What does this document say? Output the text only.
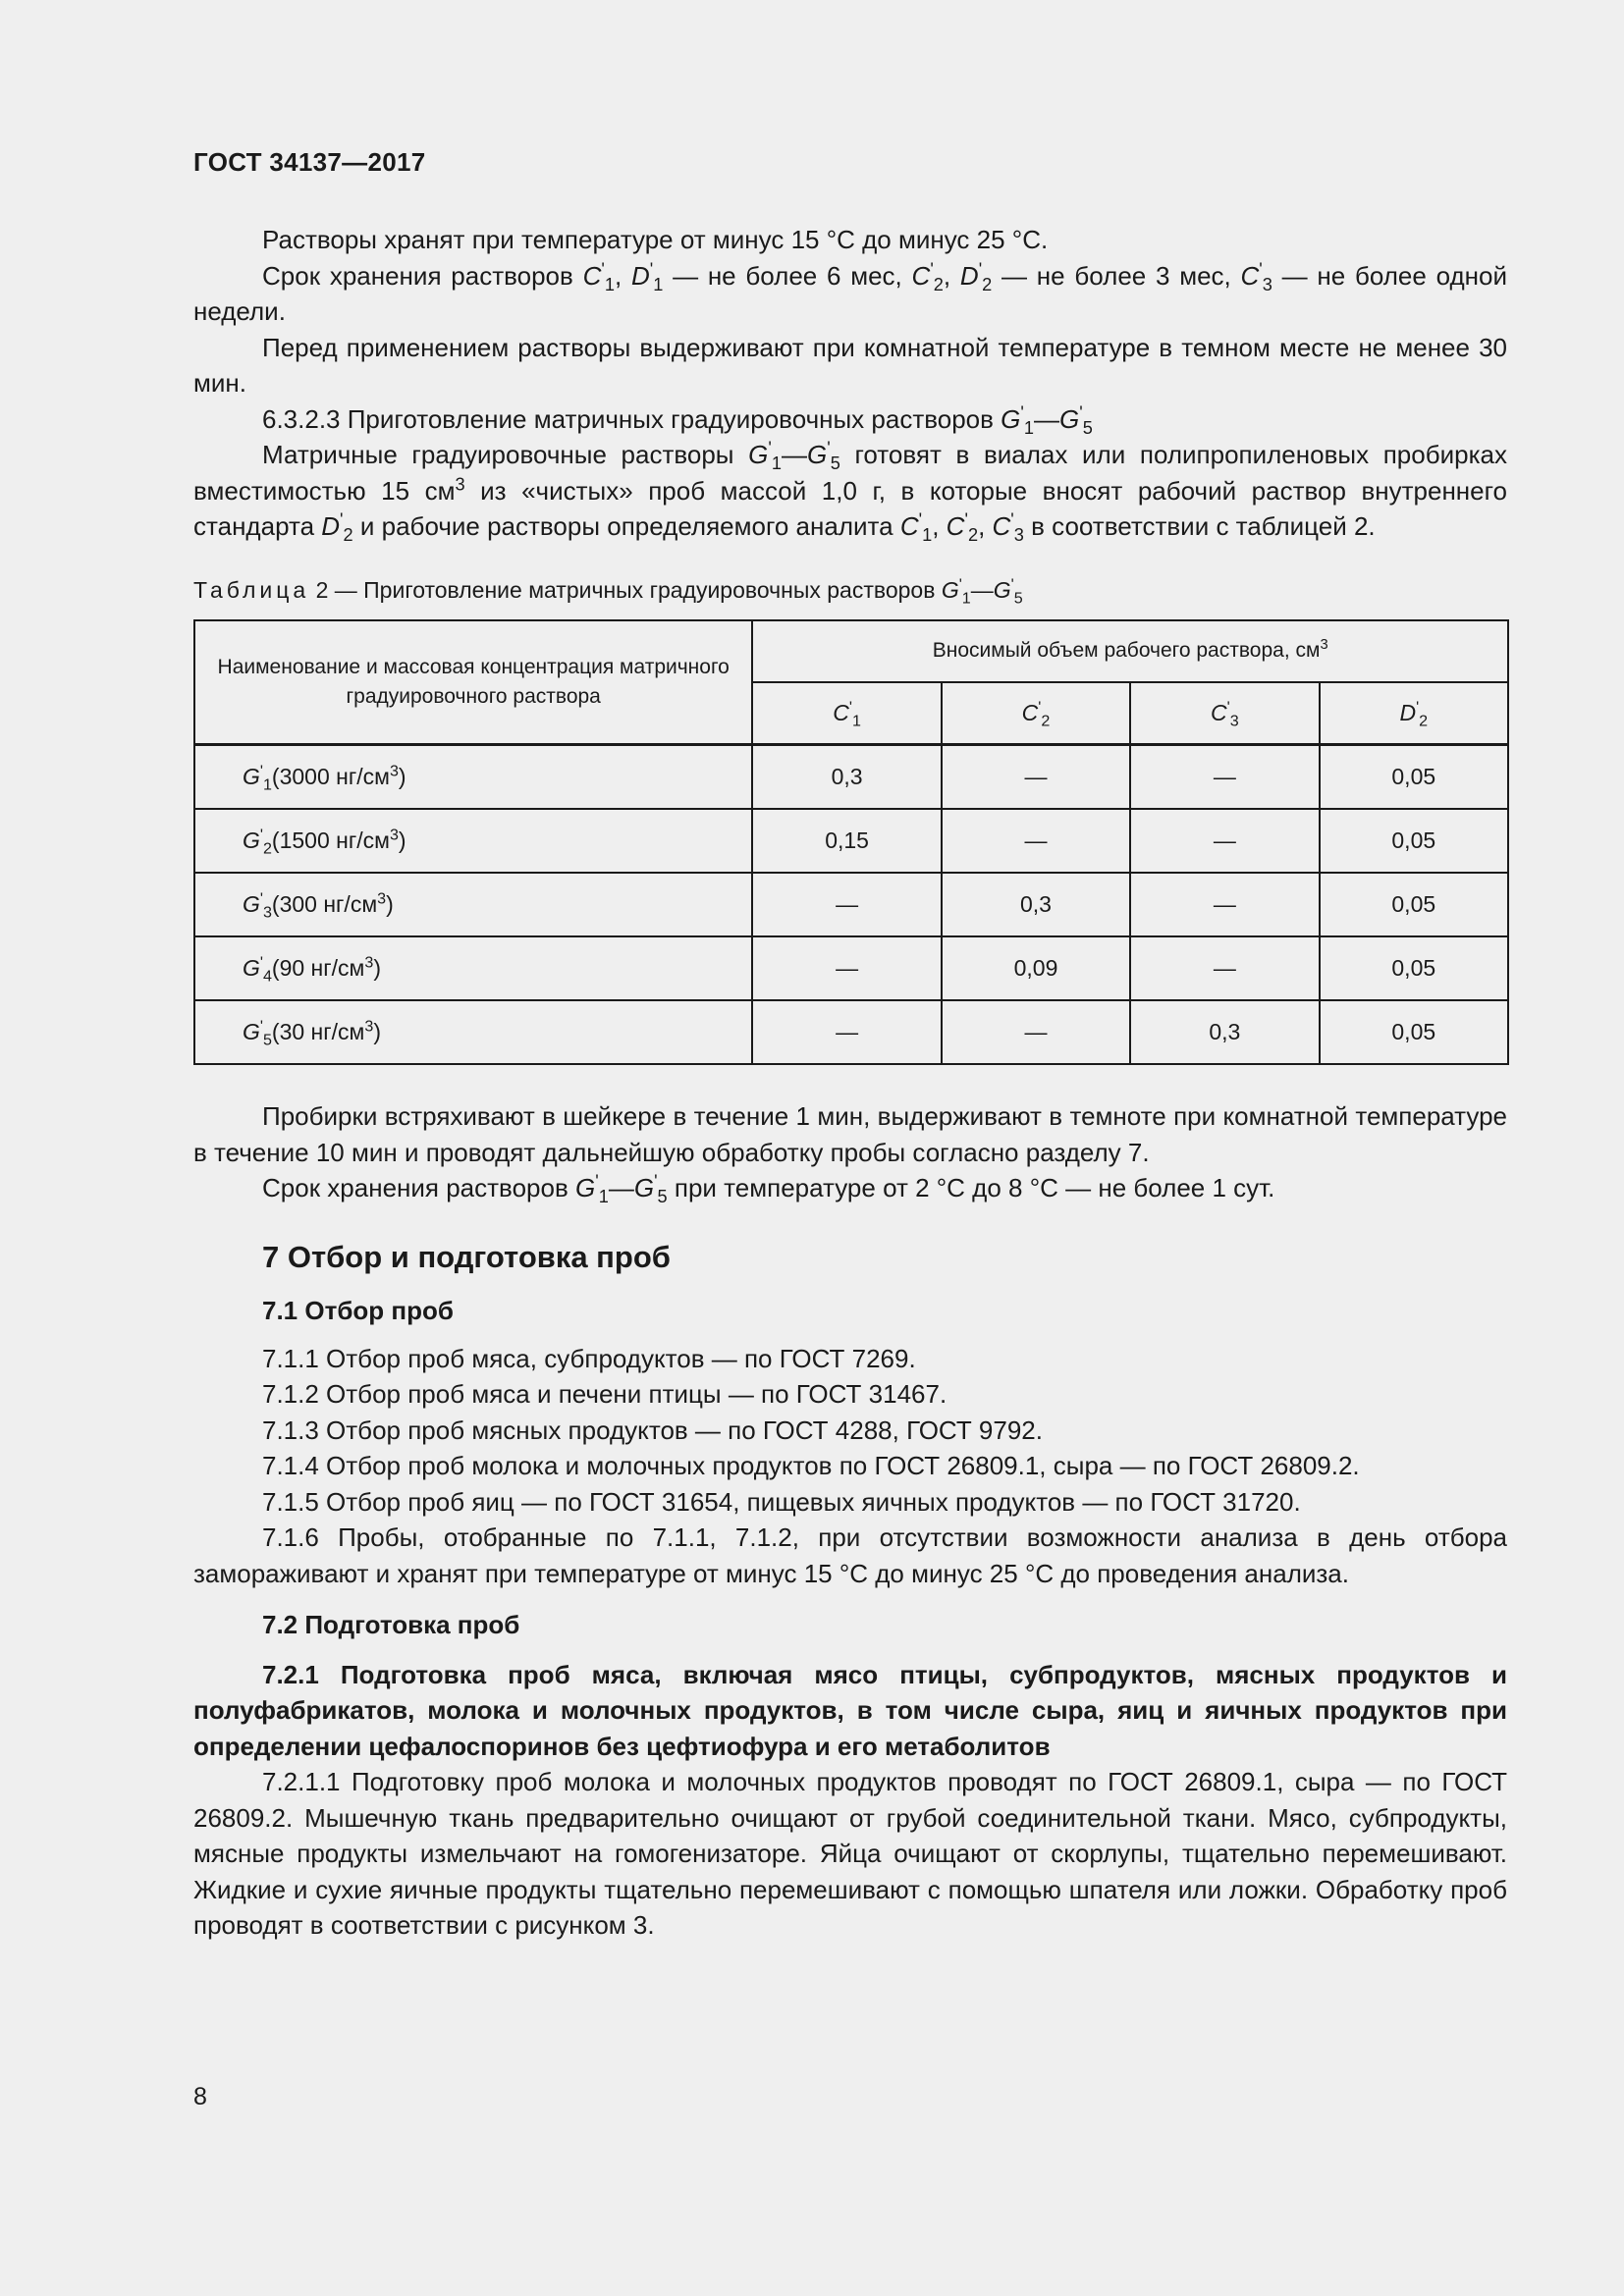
ГОСТ 34137—2017

Растворы хранят при температуре от минус 15 °С до минус 25 °С.

Срок хранения растворов $C'_1$, $D'_1$ — не более 6 мес, $C'_2$, $D'_2$ — не более 3 мес, $C'_3$ — не более одной недели.

Перед применением растворы выдерживают при комнатной температуре в темном месте не менее 30 мин.

6.3.2.3 Приготовление матричных градуировочных растворов $G'_1—G'_5$

Матричные градуировочные растворы $G'_1—G'_5$ готовят в виалах или полипропиленовых пробирках вместимостью 15 $см^3$ из «чистых» проб массой 1,0 г, в которые вносят рабочий раствор внутреннего стандарта $D'_2$ и рабочие растворы определяемого аналита $C'_1$, $C'_2$, $C'_3$ в соответствии с таблицей 2.

Таблица 2 — Приготовление матричных градуировочных растворов $G'_1—G'_5$
Наименование и массовая концентрация матричного градуировочного раствора	Вносимый объем рабочего раствора, $см^3$
	$C'_1$	$C'_2$	$C'_3$	$D'_2$
$G'_1(3000$ $нг/см^3$)	0,3	—	—	0,05
$G'_2(1500$ $нг/см^3$)	0,15	—	—	0,05
$G'_3(300$ $нг/см^3$)	—	0,3	—	0,05
$G'_4(90$ $нг/см^3$)	—	0,09	—	0,05
$G'_5(30$ $нг/см^3$)	—	—	0,3	0,05

Пробирки встряхивают в шейкере в течение 1 мин, выдерживают в темноте при комнатной температуре в течение 10 мин и проводят дальнейшую обработку пробы согласно разделу 7.

Срок хранения растворов $G'_1—G'_5$ при температуре от 2 °С до 8 °С — не более 1 сут.

7 Отбор и подготовка проб
7.1 Отбор проб

7.1.1 Отбор проб мяса, субпродуктов — по ГОСТ 7269.

7.1.2 Отбор проб мяса и печени птицы — по ГОСТ 31467.

7.1.3 Отбор проб мясных продуктов — по ГОСТ 4288, ГОСТ 9792.

7.1.4 Отбор проб молока и молочных продуктов по ГОСТ 26809.1, сыра — по ГОСТ 26809.2.

7.1.5 Отбор проб яиц — по ГОСТ 31654, пищевых яичных продуктов — по ГОСТ 31720.

7.1.6 Пробы, отобранные по 7.1.1, 7.1.2, при отсутствии возможности анализа в день отбора замораживают и хранят при температуре от минус 15 °С до минус 25 °С до проведения анализа.

7.2 Подготовка проб

7.2.1 Подготовка проб мяса, включая мясо птицы, субпродуктов, мясных продуктов и полуфабрикатов, молока и молочных продуктов, в том числе сыра, яиц и яичных продуктов при определении цефалоспоринов без цефтиофура и его метаболитов

7.2.1.1 Подготовку проб молока и молочных продуктов проводят по ГОСТ 26809.1, сыра — по ГОСТ 26809.2. Мышечную ткань предварительно очищают от грубой соединительной ткани. Мясо, субпродукты, мясные продукты измельчают на гомогенизаторе. Яйца очищают от скорлупы, тщательно перемешивают. Жидкие и сухие яичные продукты тщательно перемешивают с помощью шпателя или ложки. Обработку проб проводят в соответствии с рисунком 3.

8
